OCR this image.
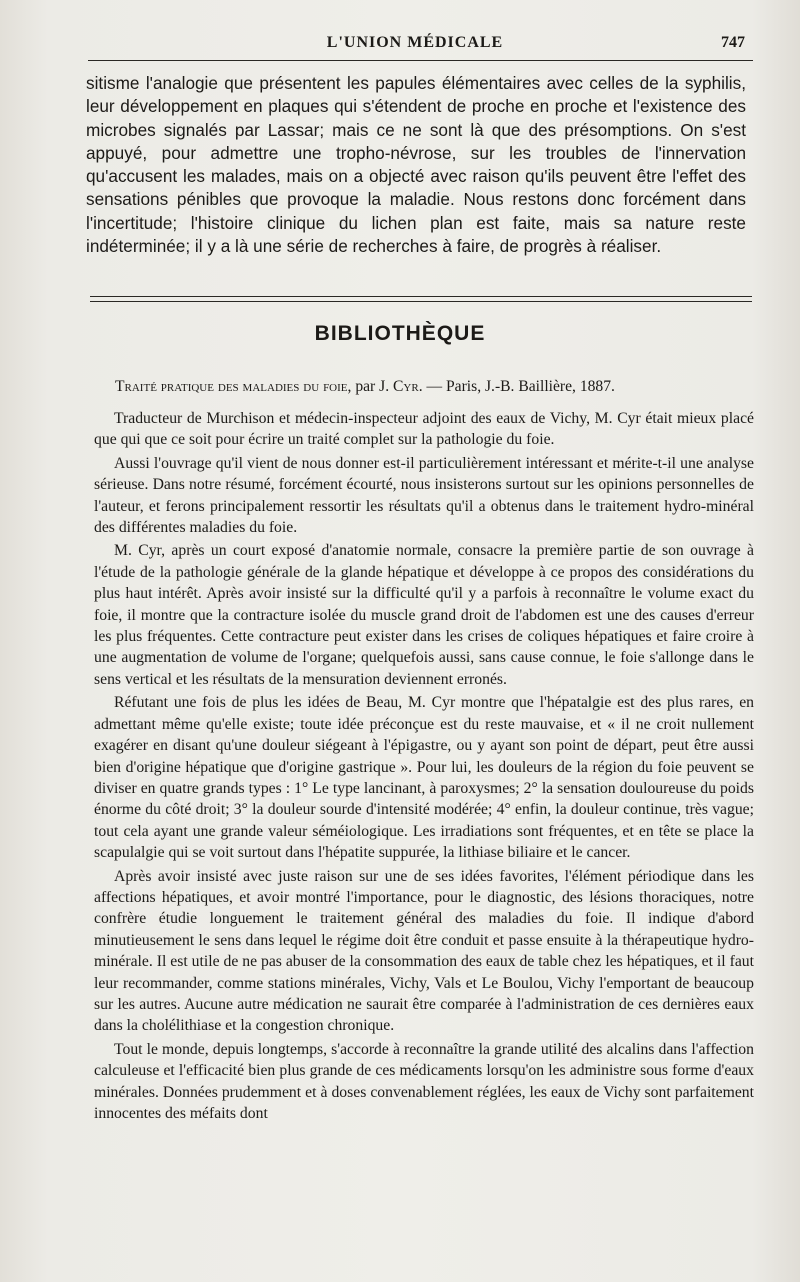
L'UNION MÉDICALE	747

sitisme l'analogie que présentent les papules élémentaires avec celles de la syphilis, leur développement en plaques qui s'étendent de proche en proche et l'existence des microbes signalés par Lassar; mais ce ne sont là que des présomptions. On s'est appuyé, pour admettre une tropho-névrose, sur les troubles de l'innervation qu'accusent les malades, mais on a objecté avec raison qu'ils peuvent être l'effet des sensations pénibles que provoque la maladie. Nous restons donc forcément dans l'incertitude; l'histoire clinique du lichen plan est faite, mais sa nature reste indéterminée; il y a là une série de recherches à faire, de progrès à réaliser.

BIBLIOTHÈQUE

Traité pratique des maladies du foie, par J. Cyr. — Paris, J.-B. Baillière, 1887.

Traducteur de Murchison et médecin-inspecteur adjoint des eaux de Vichy, M. Cyr était mieux placé que qui que ce soit pour écrire un traité complet sur la pathologie du foie.

Aussi l'ouvrage qu'il vient de nous donner est-il particulièrement intéressant et mérite-t-il une analyse sérieuse. Dans notre résumé, forcément écourté, nous insisterons surtout sur les opinions personnelles de l'auteur, et ferons principalement ressortir les résultats qu'il a obtenus dans le traitement hydro-minéral des différentes maladies du foie.

M. Cyr, après un court exposé d'anatomie normale, consacre la première partie de son ouvrage à l'étude de la pathologie générale de la glande hépatique et développe à ce propos des considérations du plus haut intérêt. Après avoir insisté sur la difficulté qu'il y a parfois à reconnaître le volume exact du foie, il montre que la contracture isolée du muscle grand droit de l'abdomen est une des causes d'erreur les plus fréquentes. Cette contracture peut exister dans les crises de coliques hépatiques et faire croire à une augmentation de volume de l'organe; quelquefois aussi, sans cause connue, le foie s'allonge dans le sens vertical et les résultats de la mensuration deviennent erronés.

Réfutant une fois de plus les idées de Beau, M. Cyr montre que l'hépatalgie est des plus rares, en admettant même qu'elle existe; toute idée préconçue est du reste mauvaise, et « il ne croit nullement exagérer en disant qu'une douleur siégeant à l'épigastre, ou y ayant son point de départ, peut être aussi bien d'origine hépatique que d'origine gastrique ». Pour lui, les douleurs de la région du foie peuvent se diviser en quatre grands types : 1° Le type lancinant, à paroxysmes; 2° la sensation douloureuse du poids énorme du côté droit; 3° la douleur sourde d'intensité modérée; 4° enfin, la douleur continue, très vague; tout cela ayant une grande valeur séméiologique. Les irradiations sont fréquentes, et en tête se place la scapulalgie qui se voit surtout dans l'hépatite suppurée, la lithiase biliaire et le cancer.

Après avoir insisté avec juste raison sur une de ses idées favorites, l'élément périodique dans les affections hépatiques, et avoir montré l'importance, pour le diagnostic, des lésions thoraciques, notre confrère étudie longuement le traitement général des maladies du foie. Il indique d'abord minutieusement le sens dans lequel le régime doit être conduit et passe ensuite à la thérapeutique hydro-minérale. Il est utile de ne pas abuser de la consommation des eaux de table chez les hépatiques, et il faut leur recommander, comme stations minérales, Vichy, Vals et Le Boulou, Vichy l'emportant de beaucoup sur les autres. Aucune autre médication ne saurait être comparée à l'administration de ces dernières eaux dans la cholélithiase et la congestion chronique.

Tout le monde, depuis longtemps, s'accorde à reconnaître la grande utilité des alcalins dans l'affection calculeuse et l'efficacité bien plus grande de ces médicaments lorsqu'on les administre sous forme d'eaux minérales. Données prudemment et à doses convenablement réglées, les eaux de Vichy sont parfaitement innocentes des méfaits dont
